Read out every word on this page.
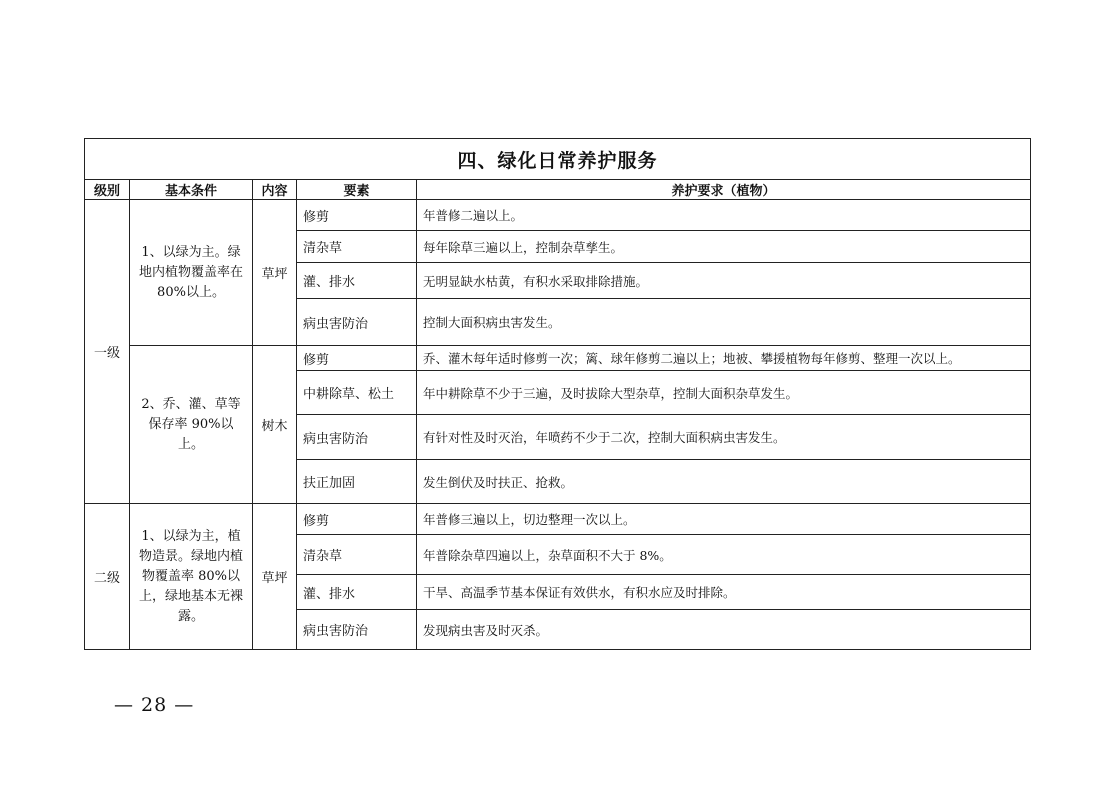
四、绿化日常养护服务				
级别	基本条件	内容	要素	养护要求（植物）
一级	1、以绿为主。绿地内植物覆盖率在 80%以上。	草坪	修剪	年普修二遍以上。
			清杂草	每年除草三遍以上，控制杂草孳生。
			灌、排水	无明显缺水枯黄，有积水采取排除措施。
			病虫害防治	控制大面积病虫害发生。
	2、乔、灌、草等保存率 90%以上。	树木	修剪	乔、灌木每年适时修剪一次；篱、球年修剪二遍以上；地被、攀援植物每年修剪、整理一次以上。
			中耕除草、松土	年中耕除草不少于三遍，及时拔除大型杂草，控制大面积杂草发生。
			病虫害防治	有针对性及时灭治，年喷药不少于二次，控制大面积病虫害发生。
			扶正加固	发生倒伏及时扶正、抢救。
二级	1、以绿为主，植物造景。绿地内植物覆盖率 80%以上，绿地基本无裸露。	草坪	修剪	年普修三遍以上，切边整理一次以上。
			清杂草	年普除杂草四遍以上，杂草面积不大于 8%。
			灌、排水	干旱、高温季节基本保证有效供水，有积水应及时排除。
			病虫害防治	发现病虫害及时灭杀。
— 28 —
